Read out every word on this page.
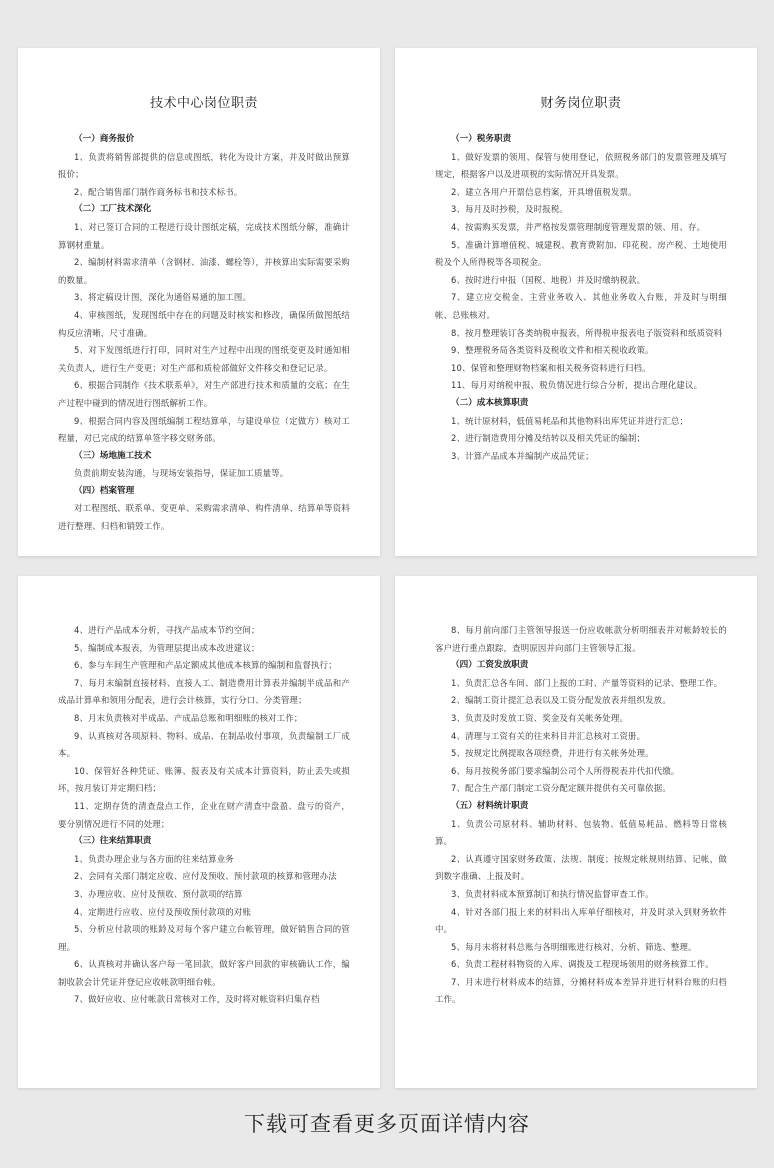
技术中心岗位职责
（一）商务报价
1、负责将销售部提供的信息或图纸，转化为设计方案，并及时做出预算报价；
2、配合销售部门制作商务标书和技术标书。
（二）工厂技术深化
1、对已签订合同的工程进行设计图纸定稿，完成技术图纸分解，准确计算钢材重量。
2、编制材料需求清单（含钢材、油漆、螺栓等），并核算出实际需要采购的数量。
3、将定稿设计图，深化为通俗易通的加工图。
4、审核图纸，发现图纸中存在的问题及时核实和修改，确保所做图纸结构反应清晰，尺寸准确。
5、对下发图纸进行打印，同时对生产过程中出现的图纸变更及时通知相关负责人，进行生产变更；对生产部和质检部做好文件移交和登记记录。
6、根据合同制作《技术联系单》，对生产部进行技术和质量的交底；在生产过程中碰到的情况进行图纸解析工作。
9、根据合同内容及图纸编制工程结算单，与建设单位（定做方）核对工程量，对已完成的结算单签字移交财务部。
（三）场地施工技术
负责前期安装沟通，与现场安装指导，保证加工质量等。
（四）档案管理
对工程图纸、联系单、变更单、采购需求清单、构件清单、结算单等资料进行整理、归档和销毁工作。
财务岗位职责
（一）税务职责
1、做好发票的领用、保管与使用登记，依照税务部门的发票管理及填写规定，根据客户以及进项税的实际情况开具发票。
2、建立各用户开票信息档案，开具增值税发票。
3、每月及时抄税，及时报税。
4、按需购买发票，并严格按发票管理制度管理发票的领、用、存。
5、准确计算增值税、城建税、教育费附加、印花税、房产税、土地使用税及个人所得税等各项税金。
6、按时进行申报（国税、地税）并及时缴纳税款。
7、建立应交税金、主营业务收入、其他业务收入台账，并及时与明细帐、总账核对。
8、按月整理装订各类纳税申报表，所得税申报表电子版资料和纸质资料
9、整理税务局各类资料及税收文件和相关税收政策。
10、保管和整理财物档案和相关税务资料进行归档。
11、每月对纳税申报、税负情况进行综合分析，提出合理化建议。
（二）成本核算职责
1、统计原材料，低值易耗品和其他物料出库凭证并进行汇总；
2、进行制造费用分摊及结转以及相关凭证的编制；
3、计算产品成本并编制产成品凭证；
4、进行产品成本分析，寻找产品成本节约空间；
5、编制成本报表，为管理层提出成本改进建议；
6、参与车间生产管理和产品定额成其他成本核算的编制和监督执行；
7、每月末编制直接材料、直接人工、制造费用计算表并编制半成品和产成品计算单和领用分配表，进行会计核算，实行分口、分类管理；
8、月末负责核对半成品、产成品总账和明细账的核对工作；
9、认真核对各项原料、物料、成品、在制品收付事项，负责编制工厂成本。
10、保管好各种凭证、账簿、报表及有关成本计算资料，防止丢失或损坏，按月装订并定期归档；
11、定期存货的清查盘点工作，企业在财产清查中盘盈、盘亏的资产，要分别情况进行不同的处理；
（三）往来结算职责
1、负责办理企业与各方面的往来结算业务
2、会同有关部门制定应收、应付及预收、预付款项的核算和管理办法
3、办理应收、应付及预收、预付款项的结算
4、定期进行应收、应付及预收预付款项的对账
5、分析应付款项的账龄及对每个客户建立台帐管理，做好销售合同的管理。
6、认真核对并确认客户每一笔回款，做好客户回款的审核确认工作，编制收款会计凭证并登记应收帐款明细台帐。
7、做好应收、应付帐款日常核对工作，及时将对帐资料归集存档
8、每月前向部门主管领导报送一份应收帐款分析明细表并对帐龄较长的客户进行重点跟踪，查明原因并向部门主管领导汇报。
（四）工资发放职责
1、负责汇总各车间、部门上报的工时、产量等资料的记录、整理工作。
2、编制工资计提汇总表以及工资分配发放表并组织发放。
3、负责及时发放工资、奖金及有关帐务处理。
4、清理与工资有关的往来科目并汇总核对工资册。
5、按规定比例提取各项经费，并进行有关帐务处理。
6、每月按税务部门要求编制公司个人所得税表并代扣代缴。
7、配合生产部门制定工资分配定额并提供有关可靠依据。
（五）材料统计职责
1、负责公司原材料、辅助材料、包装物、低值易耗品、燃料等日常核算。
2、认真遵守国家财务政策、法规、制度；按规定帐规则结算、记帐，做到数字准确、上报及时。
3、负责材料成本预算制订和执行情况监督审查工作。
4、针对各部门报上来的材料出入库单仔细核对，并及时录入到财务软件中。
5、每月末将材料总账与各明细账进行核对，分析、筛选、整理。
6、负责工程材料物资的入库、调拨及工程现场领用的财务核算工作。
7、月末进行材料成本的结算，分摊材料成本差异并进行材料台账的归档工作。
下载可查看更多页面详情内容
